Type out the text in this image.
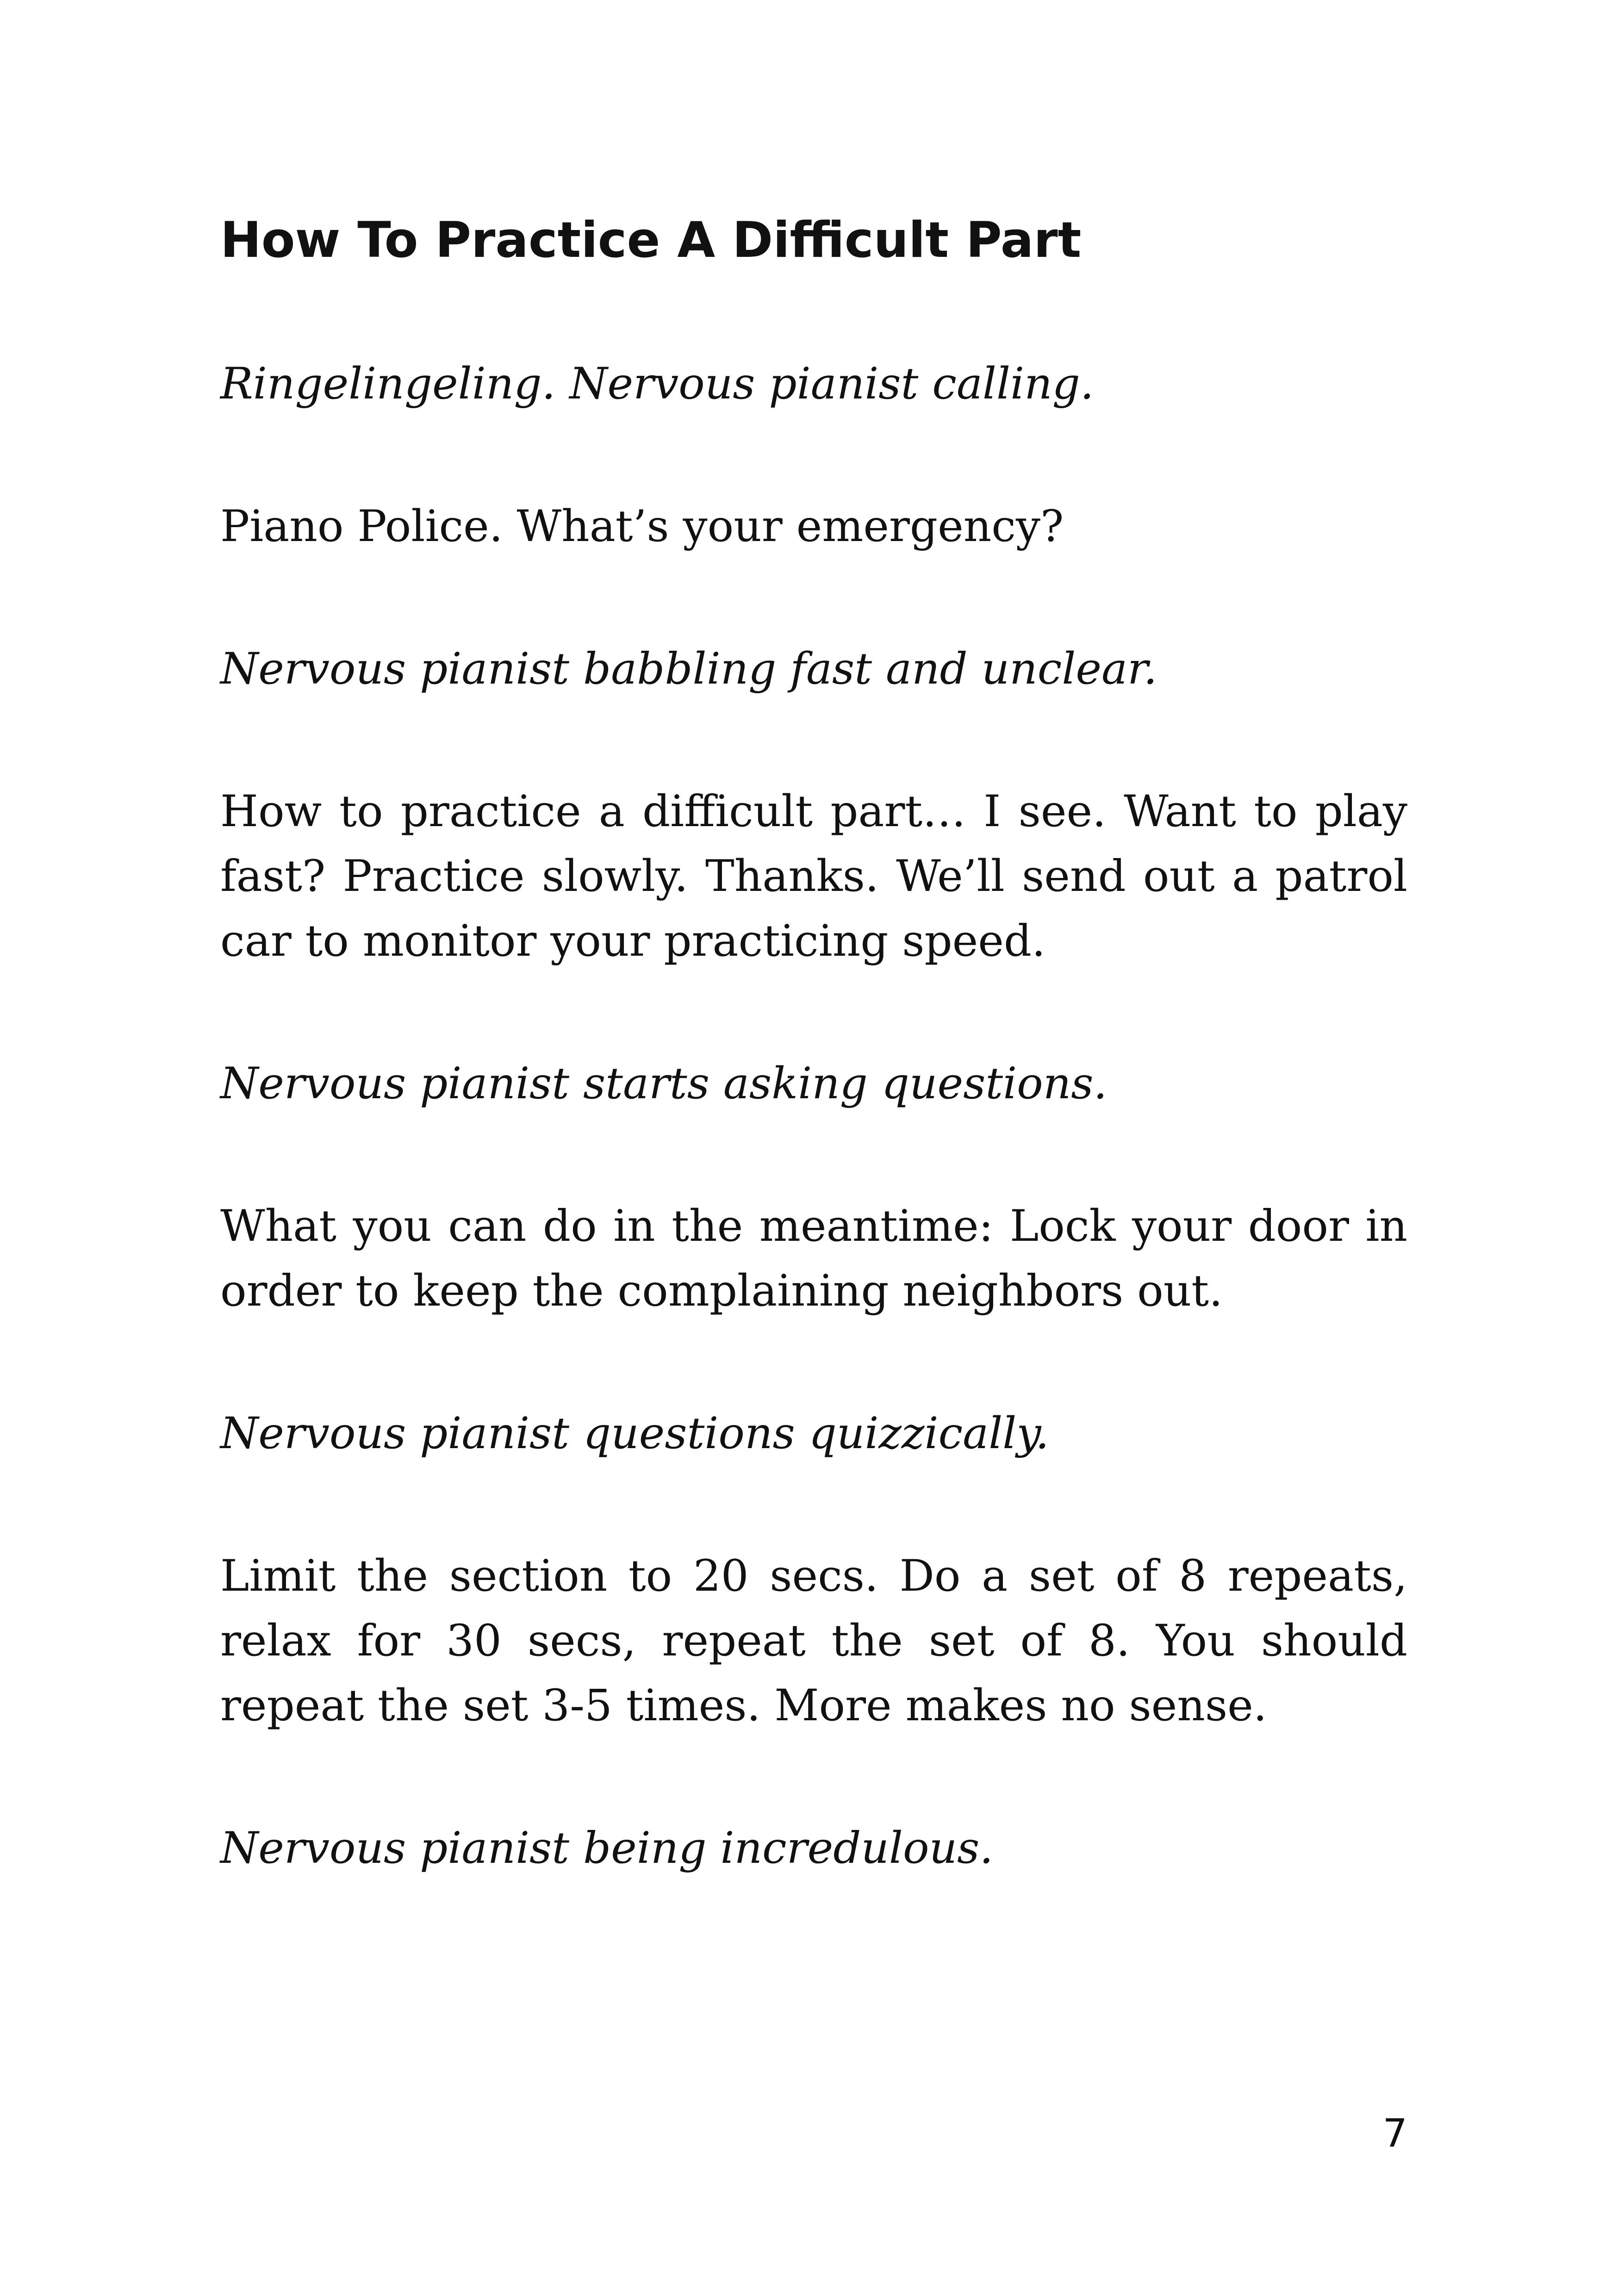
How To Practice A Difficult Part

Ringelingeling. Nervous pianist calling.

Piano Police. What’s your emergency?

Nervous pianist babbling fast and unclear.

How to practice a difficult part… I see. Want to play fast? Practice slowly. Thanks. We’ll send out a patrol car to monitor your practicing speed.

Nervous pianist starts asking questions.

What you can do in the meantime: Lock your door in order to keep the complaining neighbors out.

Nervous pianist questions quizzically.

Limit the section to 20 secs. Do a set of 8 repeats, relax for 30 secs, repeat the set of 8. You should repeat the set 3-5 times. More makes no sense.

Nervous pianist being incredulous.

7
